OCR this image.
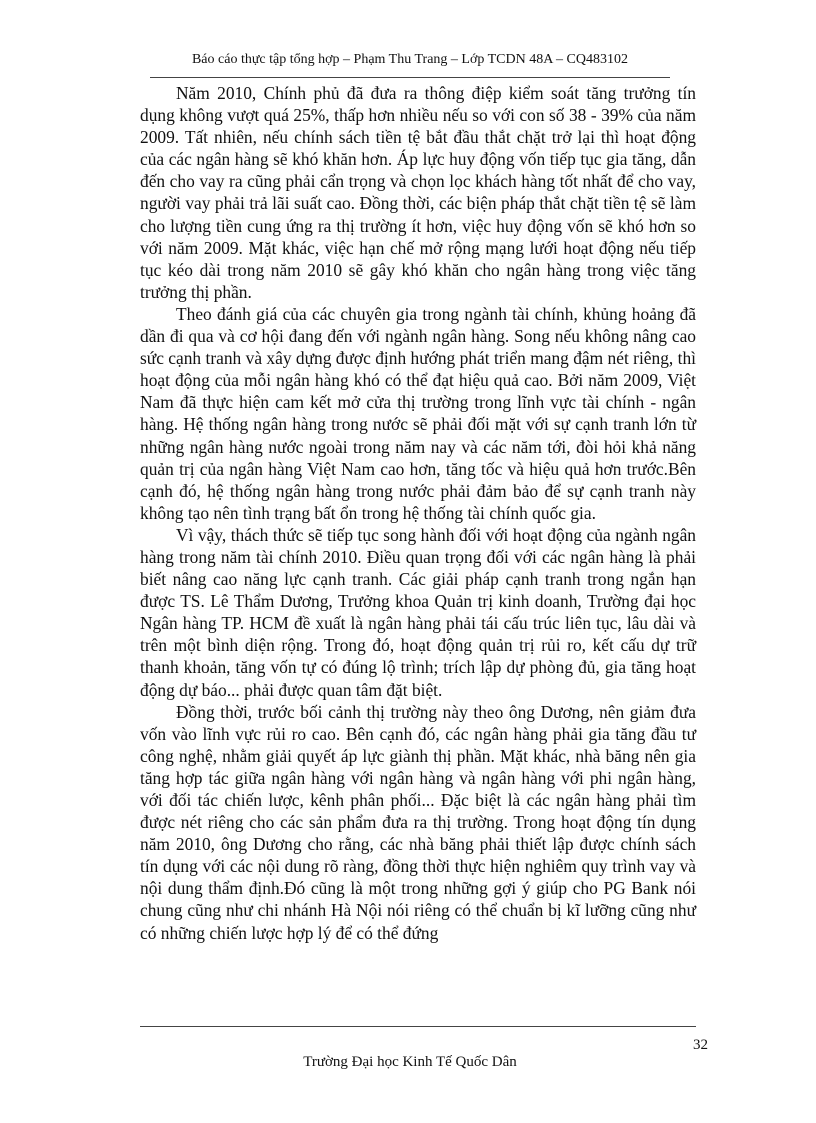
Báo cáo thực tập tổng hợp – Phạm Thu Trang – Lớp TCDN 48A – CQ483102

Năm 2010, Chính phủ đã đưa ra thông điệp kiểm soát tăng trưởng tín dụng không vượt quá 25%, thấp hơn nhiều nếu so với con số 38 - 39% của năm 2009. Tất nhiên, nếu chính sách tiền tệ bắt đầu thắt chặt trở lại thì hoạt động của các ngân hàng sẽ khó khăn hơn. Áp lực huy động vốn tiếp tục gia tăng, dẫn đến cho vay ra cũng phải cẩn trọng và chọn lọc khách hàng tốt nhất để cho vay, người vay phải trả lãi suất cao. Đồng thời, các biện pháp thắt chặt tiền tệ sẽ làm cho lượng tiền cung ứng ra thị trường ít hơn, việc huy động vốn sẽ khó hơn so với năm 2009. Mặt khác, việc hạn chế mở rộng mạng lưới hoạt động nếu tiếp tục kéo dài trong năm 2010 sẽ gây khó khăn cho ngân hàng trong việc tăng trưởng thị phần.

Theo đánh giá của các chuyên gia trong ngành tài chính, khủng hoảng đã dần đi qua và cơ hội đang đến với ngành ngân hàng. Song nếu không nâng cao sức cạnh tranh và xây dựng được định hướng phát triển mang đậm nét riêng, thì hoạt động của mỗi ngân hàng khó có thể đạt hiệu quả cao. Bởi năm 2009, Việt Nam đã thực hiện cam kết mở cửa thị trường trong lĩnh vực tài chính - ngân hàng. Hệ thống ngân hàng trong nước sẽ phải đối mặt với sự cạnh tranh lớn từ những ngân hàng nước ngoài trong năm nay và các năm tới, đòi hỏi khả năng quản trị của ngân hàng Việt Nam cao hơn, tăng tốc và hiệu quả hơn trước.Bên cạnh đó, hệ thống ngân hàng trong nước phải đảm bảo để sự cạnh tranh này không tạo nên tình trạng bất ổn trong hệ thống tài chính quốc gia.

Vì vậy, thách thức sẽ tiếp tục song hành đối với hoạt động của ngành ngân hàng trong năm tài chính 2010. Điều quan trọng đối với các ngân hàng là phải biết nâng cao năng lực cạnh tranh. Các giải pháp cạnh tranh trong ngắn hạn được TS. Lê Thẩm Dương, Trưởng khoa Quản trị kinh doanh, Trường đại học Ngân hàng TP. HCM đề xuất là ngân hàng phải tái cấu trúc liên tục, lâu dài và trên một bình diện rộng. Trong đó, hoạt động quản trị rủi ro, kết cấu dự trữ thanh khoản, tăng vốn tự có đúng lộ trình; trích lập dự phòng đủ, gia tăng hoạt động dự báo... phải được quan tâm đặt biệt.

Đồng thời, trước bối cảnh thị trường này theo ông Dương, nên giảm đưa vốn vào lĩnh vực rủi ro cao. Bên cạnh đó, các ngân hàng phải gia tăng đầu tư công nghệ, nhằm giải quyết áp lực giành thị phần. Mặt khác, nhà băng nên gia tăng hợp tác giữa ngân hàng với ngân hàng và ngân hàng với phi ngân hàng, với đối tác chiến lược, kênh phân phối... Đặc biệt là các ngân hàng phải tìm được nét riêng cho các sản phẩm đưa ra thị trường. Trong hoạt động tín dụng năm 2010, ông Dương cho rằng, các nhà băng phải thiết lập được chính sách tín dụng với các nội dung rõ ràng, đồng thời thực hiện nghiêm quy trình vay và nội dung thẩm định.Đó cũng là một trong những gợi ý giúp cho PG Bank nói chung cũng như chi nhánh Hà Nội nói riêng có thể chuẩn bị kĩ lưỡng cũng như có những chiến lược hợp lý để có thể đứng

32
Trường Đại học Kinh Tế Quốc Dân
